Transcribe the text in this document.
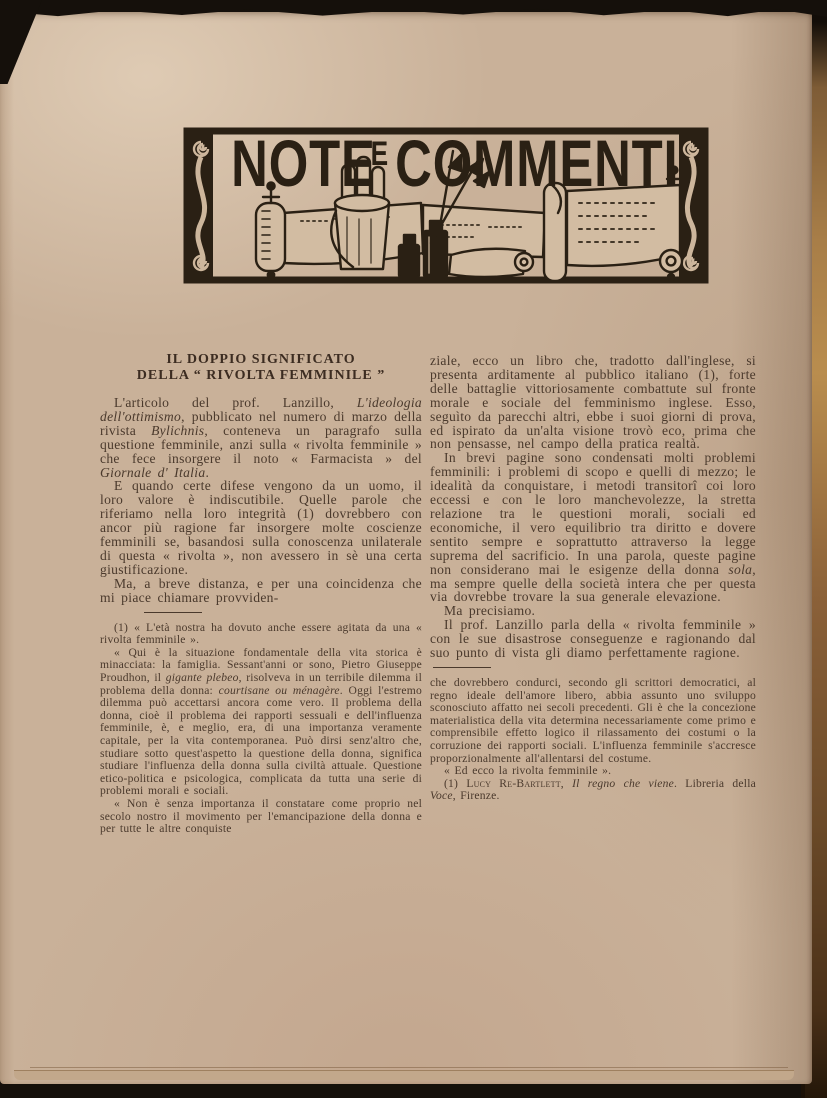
NOTE
E COMMENTI
IL DOPPIO SIGNIFICATO
DELLA “ RIVOLTA FEMMINILE ”

L'articolo del prof. Lanzillo, L'ideologia dell'ottimismo, pubblicato nel numero di marzo della rivista Bylichnis, conteneva un paragrafo sulla questione femminile, anzi sulla « rivolta femminile » che fece insorgere il noto « Farmacista » del Giornale d' Italia.

E quando certe difese vengono da un uomo, il loro valore è indiscutibile. Quelle parole che riferiamo nella loro integrità (1) dovrebbero con ancor più ragione far insorgere molte coscienze femminili se, basandosi sulla conoscenza unilaterale di questa « rivolta », non avessero in sè una certa giustificazione.

Ma, a breve distanza, e per una coincidenza che mi piace chiamare provviden-

(1) « L'età nostra ha dovuto anche essere agitata da una « rivolta femminile ».

« Qui è la situazione fondamentale della vita storica è minacciata: la famiglia. Sessant'anni or sono, Pietro Giuseppe Proudhon, il gigante plebeo, risolveva in un terribile dilemma il problema della donna: courtisane ou ménagère. Oggi l'estremo dilemma può accettarsi ancora come vero. Il problema della donna, cioè il problema dei rapporti sessuali e dell'influenza femminile, è, e meglio, era, di una importanza veramente capitale, per la vita contemporanea. Può dirsi senz'altro che, studiare sotto quest'aspetto la questione della donna, significa studiare l'influenza della donna sulla civiltà attuale. Questione etico-politica e psicologica, complicata da tutta una serie di problemi morali e sociali.

« Non è senza importanza il constatare come proprio nel secolo nostro il movimento per l'emancipazione della donna e per tutte le altre conquiste

ziale, ecco un libro che, tradotto dall'inglese, si presenta arditamente al pubblico italiano (1), forte delle battaglie vittoriosamente combattute sul fronte morale e sociale del femminismo inglese. Esso, seguìto da parecchi altri, ebbe i suoi giorni di prova, ed ispirato da un'alta visione trovò eco, prima che non pensasse, nel campo della pratica realtà.

In brevi pagine sono condensati molti problemi femminili: i problemi di scopo e quelli di mezzo; le idealità da conquistare, i metodi transitorî coi loro eccessi e con le loro manchevolezze, la stretta relazione tra le questioni morali, sociali ed economiche, il vero equilibrio tra diritto e dovere sentito sempre e soprattutto attraverso la legge suprema del sacrificio. In una parola, queste pagine non considerano mai le esigenze della donna sola, ma sempre quelle della società intera che per questa via dovrebbe trovare la sua generale elevazione.

Ma precisiamo.

Il prof. Lanzillo parla della « rivolta femminile » con le sue disastrose conseguenze e ragionando dal suo punto di vista gli diamo perfettamente ragione.

che dovrebbero condurci, secondo gli scrittori democratici, al regno ideale dell'amore libero, abbia assunto uno sviluppo sconosciuto affatto nei secoli precedenti. Gli è che la concezione materialistica della vita determina necessariamente come primo e comprensibile effetto logico il rilassamento dei costumi o la corruzione dei rapporti sociali. L'influenza femminile s'accresce proporzionalmente all'allentarsi del costume.

« Ed ecco la rivolta femminile ».

(1) Lucy Re-Bartlett, Il regno che viene. Libreria della Voce, Firenze.
